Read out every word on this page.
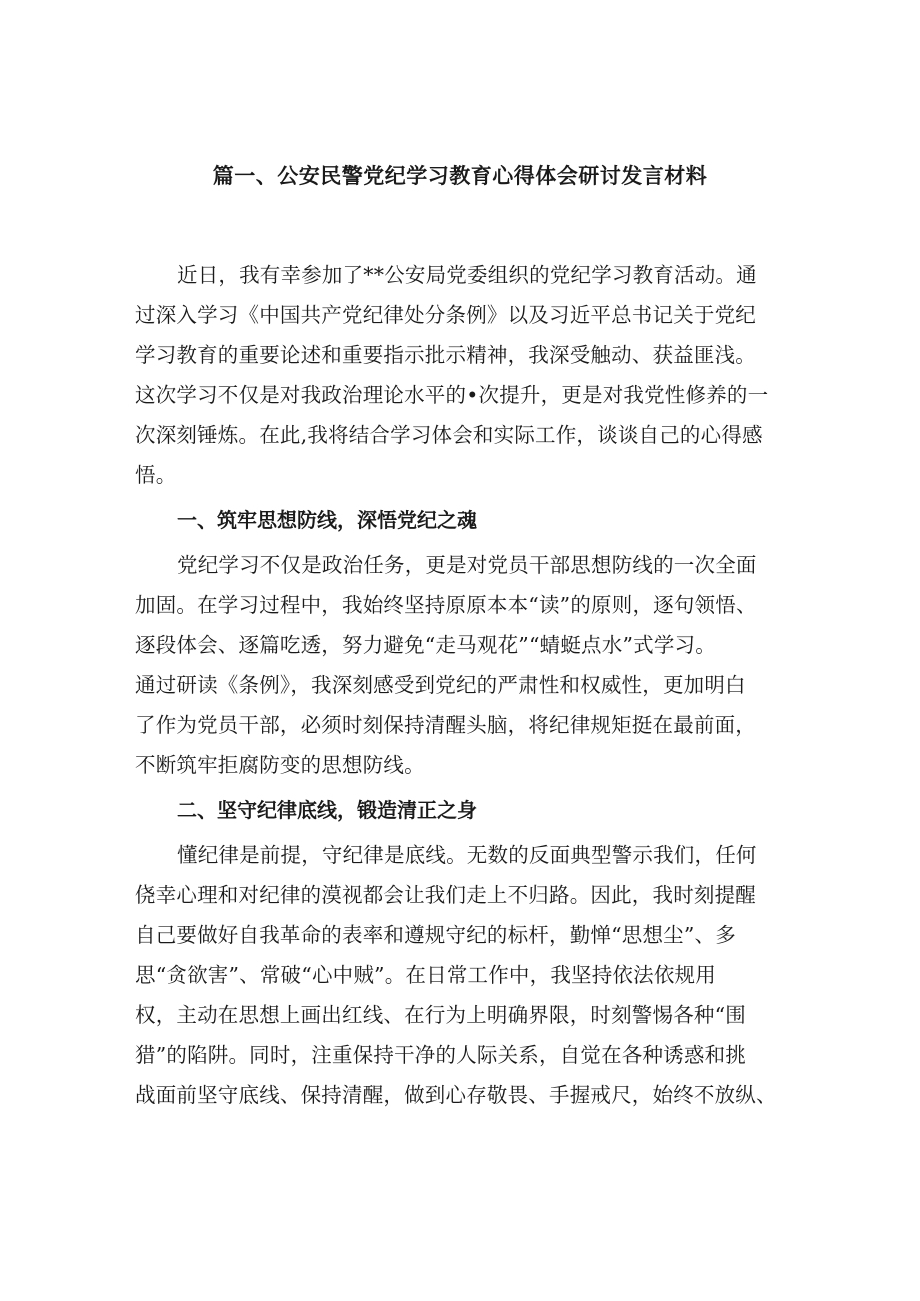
篇一、公安民警党纪学习教育心得体会研讨发言材料

近日，我有幸参加了**公安局党委组织的党纪学习教育活动。通
过深入学习《中国共产党纪律处分条例》以及习近平总书记关于党纪
学习教育的重要论述和重要指示批示精神，我深受触动、获益匪浅。
这次学习不仅是对我政治理论水平的•次提升，更是对我党性修养的一
次深刻锤炼。在此,我将结合学习体会和实际工作，谈谈自己的心得感
悟。

一、筑牢思想防线，深悟党纪之魂

党纪学习不仅是政治任务，更是对党员干部思想防线的一次全面
加固。在学习过程中，我始终坚持原原本本“读”的原则，逐句领悟、
逐段体会、逐篇吃透，努力避免“走马观花”“蜻蜓点水”式学习。
通过研读《条例》，我深刻感受到党纪的严肃性和权威性，更加明白
了作为党员干部，必须时刻保持清醒头脑，将纪律规矩挺在最前面，
不断筑牢拒腐防变的思想防线。

二、坚守纪律底线，锻造清正之身

懂纪律是前提，守纪律是底线。无数的反面典型警示我们，任何
侥幸心理和对纪律的漠视都会让我们走上不归路。因此，我时刻提醒
自己要做好自我革命的表率和遵规守纪的标杆，勤惮“思想尘”、多
思“贪欲害”、常破“心中贼”。在日常工作中，我坚持依法依规用
权，主动在思想上画出红线、在行为上明确界限，时刻警惕各种“围
猎”的陷阱。同时，注重保持干净的人际关系，自觉在各种诱惑和挑
战面前坚守底线、保持清醒，做到心存敬畏、手握戒尺，始终不放纵、
